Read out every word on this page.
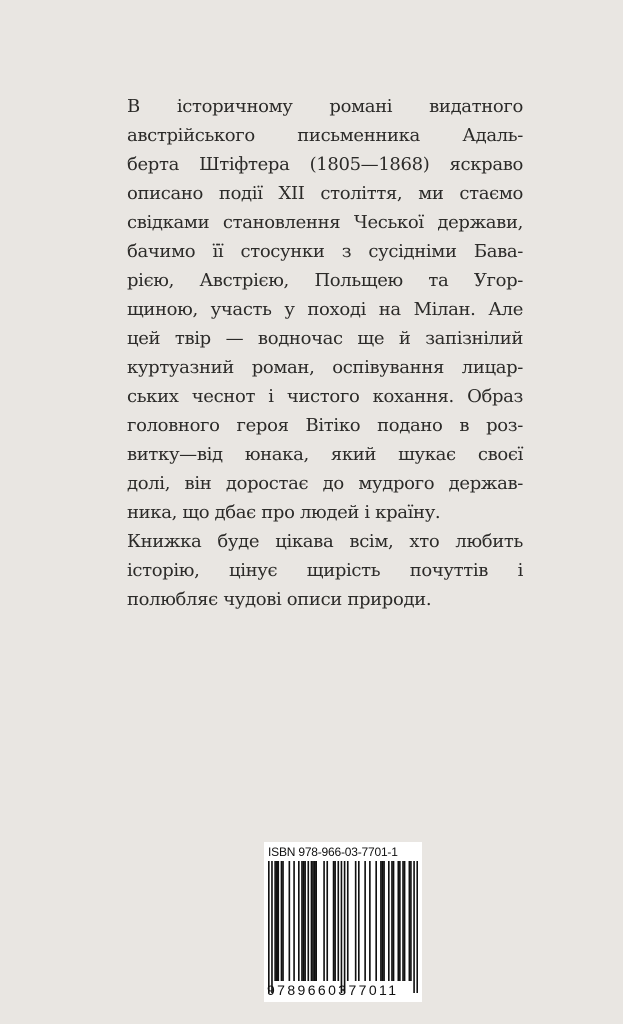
В історичному романі видатного
австрійського письменника Адаль-
берта Штіфтера (1805—1868) яскраво
описано події XII століття, ми стаємо
свідками становлення Чеської держави,
бачимо її стосунки з сусідніми Бава-
рією, Австрією, Польщею та Угор-
щиною, участь у поході на Мілан. Але
цей твір — водночас ще й запізнілий
куртуазний роман, оспівування лицар-
ських чеснот і чистого кохання. Образ
головного героя Вітіко подано в роз-
витку—від юнака, який шукає своєї
долі, він доростає до мудрого держав-
ника, що дбає про людей і країну.
Книжка буде цікава всім, хто любить
історію, цінує щирість почуттів і
полюбляє чудові описи природи.
ISBN 978-966-03-7701-1
9789660377011
